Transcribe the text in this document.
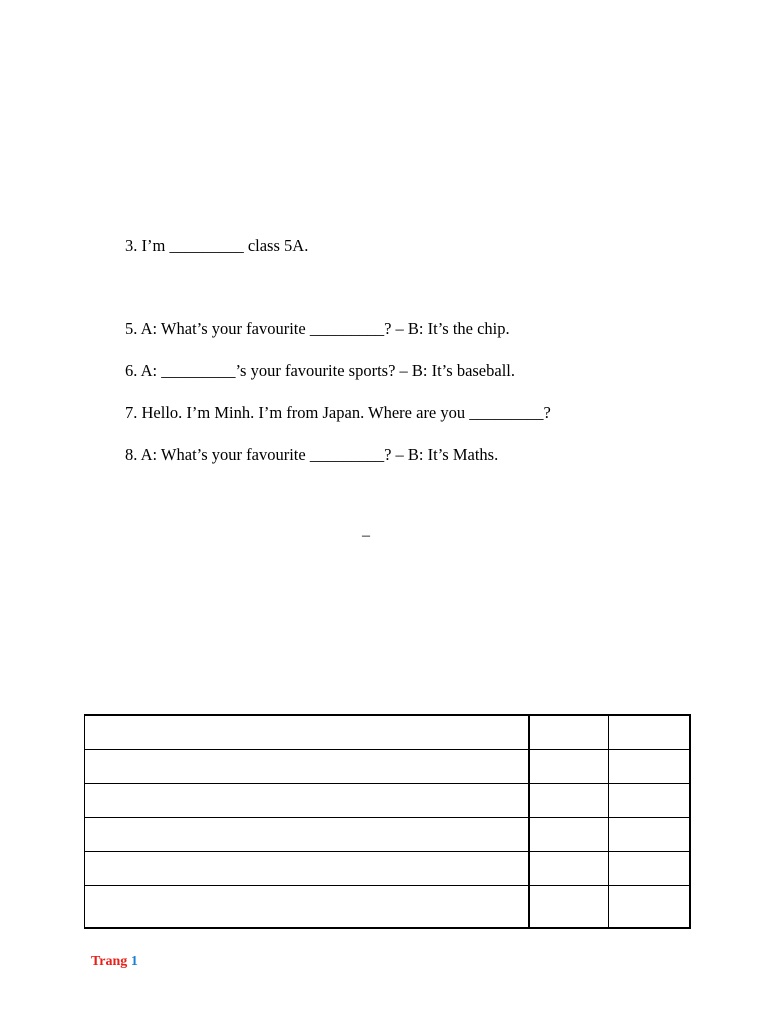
3. I’m _________ class 5A.
5. A: What’s your favourite _________? – B: It’s the chip.
6. A: _________’s your favourite sports? – B: It’s baseball.
7. Hello. I’m Minh. I’m from Japan. Where are you _________?
8. A: What’s your favourite _________? – B: It’s Maths.
–

Trang 1
